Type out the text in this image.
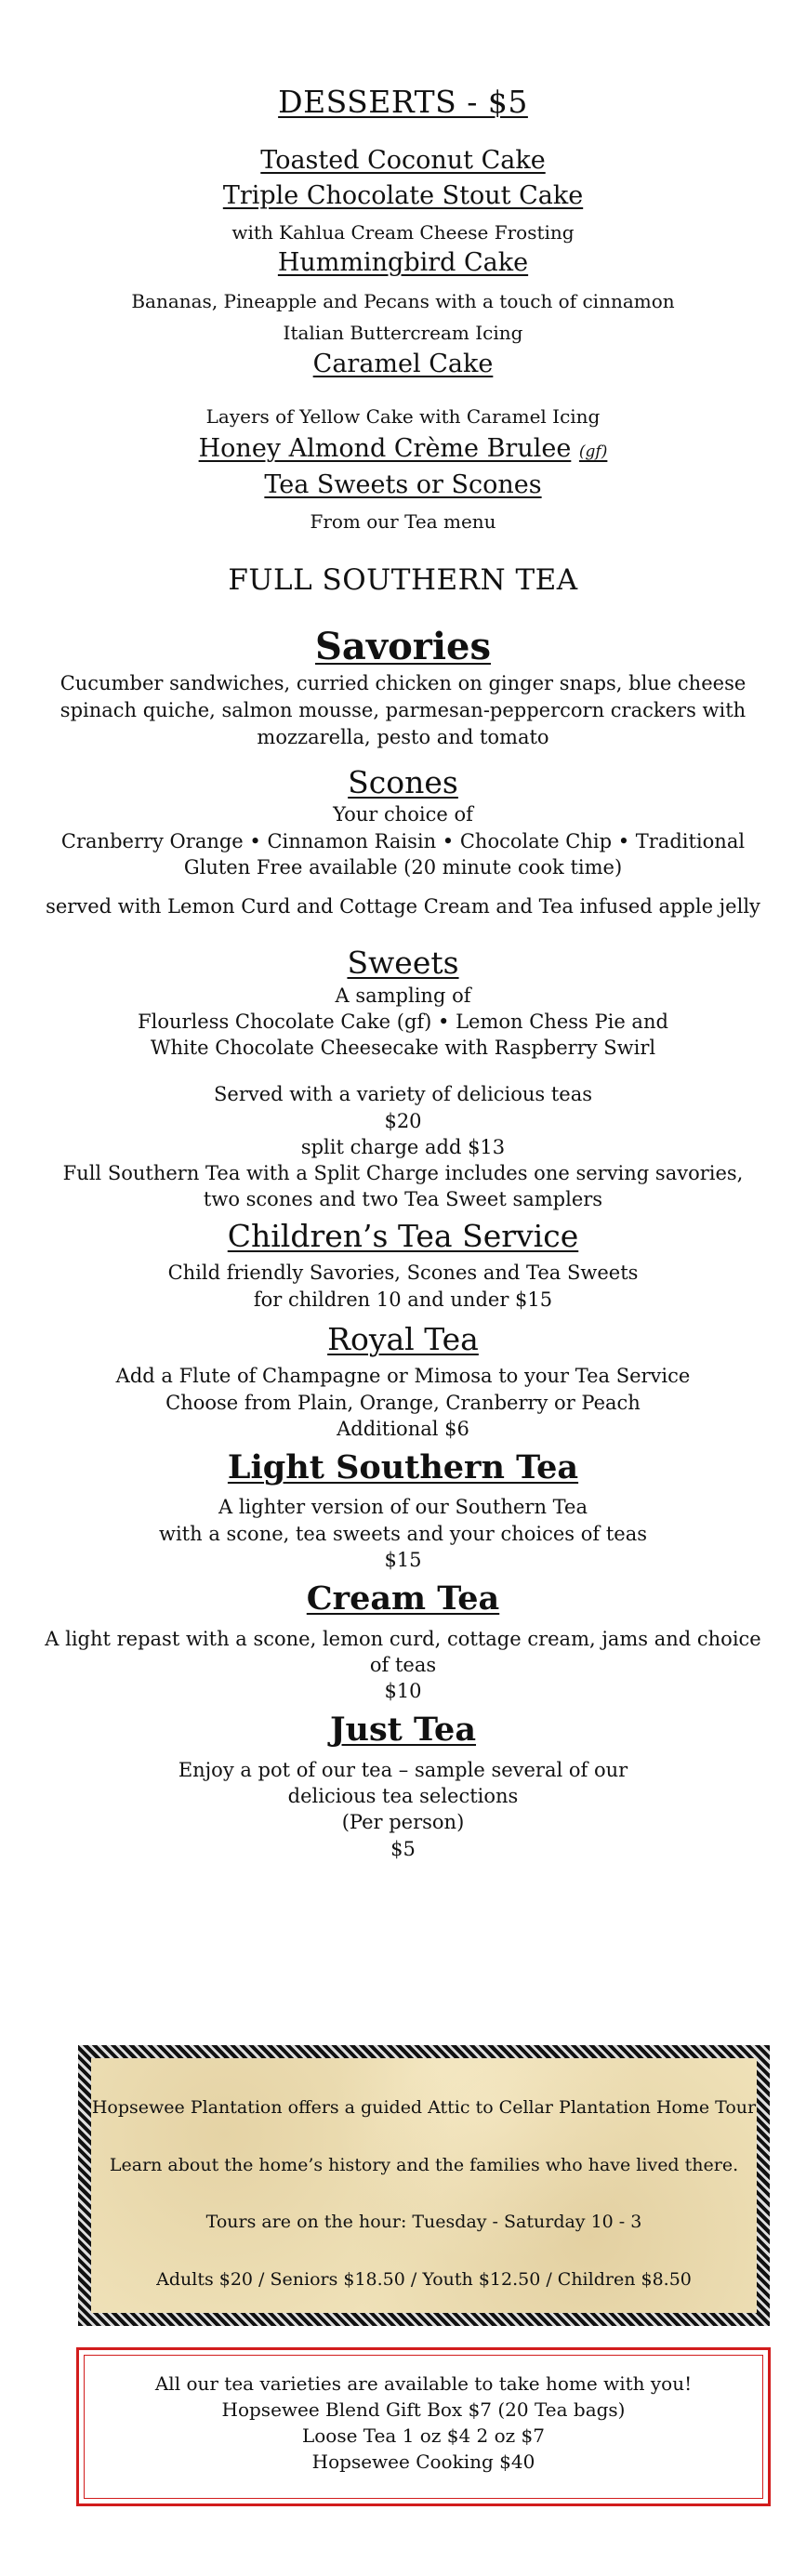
DESSERTS - $5
Toasted Coconut Cake
Triple Chocolate Stout Cake
with Kahlua Cream Cheese Frosting
Hummingbird Cake
Bananas, Pineapple and Pecans with a touch of cinnamon
Italian Buttercream Icing
Caramel Cake
Layers of Yellow Cake with Caramel Icing
Honey Almond Crème Brulee (gf)
Tea Sweets or Scones
From our Tea menu
FULL SOUTHERN TEA
Savories
Cucumber sandwiches, curried chicken on ginger snaps, blue cheese
spinach quiche, salmon mousse, parmesan-peppercorn crackers with
mozzarella, pesto and tomato
Scones
Your choice of
Cranberry Orange • Cinnamon Raisin • Chocolate Chip • Traditional
Gluten Free available (20 minute cook time)
served with Lemon Curd and Cottage Cream and Tea infused apple jelly
Sweets
A sampling of
Flourless Chocolate Cake (gf) • Lemon Chess Pie and
White Chocolate Cheesecake with Raspberry Swirl
Served with a variety of delicious teas
$20
split charge add $13
Full Southern Tea with a Split Charge includes one serving savories,
two scones and two Tea Sweet samplers
Children’s Tea Service
Child friendly Savories, Scones and Tea Sweets
for children 10 and under $15
Royal Tea
Add a Flute of Champagne or Mimosa to your Tea Service
Choose from Plain, Orange, Cranberry or Peach
Additional $6
Light Southern Tea
A lighter version of our Southern Tea
with a scone, tea sweets and your choices of teas
$15
Cream Tea
A light repast with a scone, lemon curd, cottage cream, jams and choice
of teas
$10
Just Tea
Enjoy a pot of our tea – sample several of our
delicious tea selections
(Per person)
$5
Hopsewee Plantation offers a guided Attic to Cellar Plantation Home Tour
Learn about the home’s history and the families who have lived there.
Tours are on the hour: Tuesday - Saturday 10 - 3
Adults $20 / Seniors $18.50 / Youth $12.50 / Children $8.50
All our tea varieties are available to take home with you!
Hopsewee Blend Gift Box $7 (20 Tea bags)
Loose Tea 1 oz $4 2 oz $7
Hopsewee Cooking $40
